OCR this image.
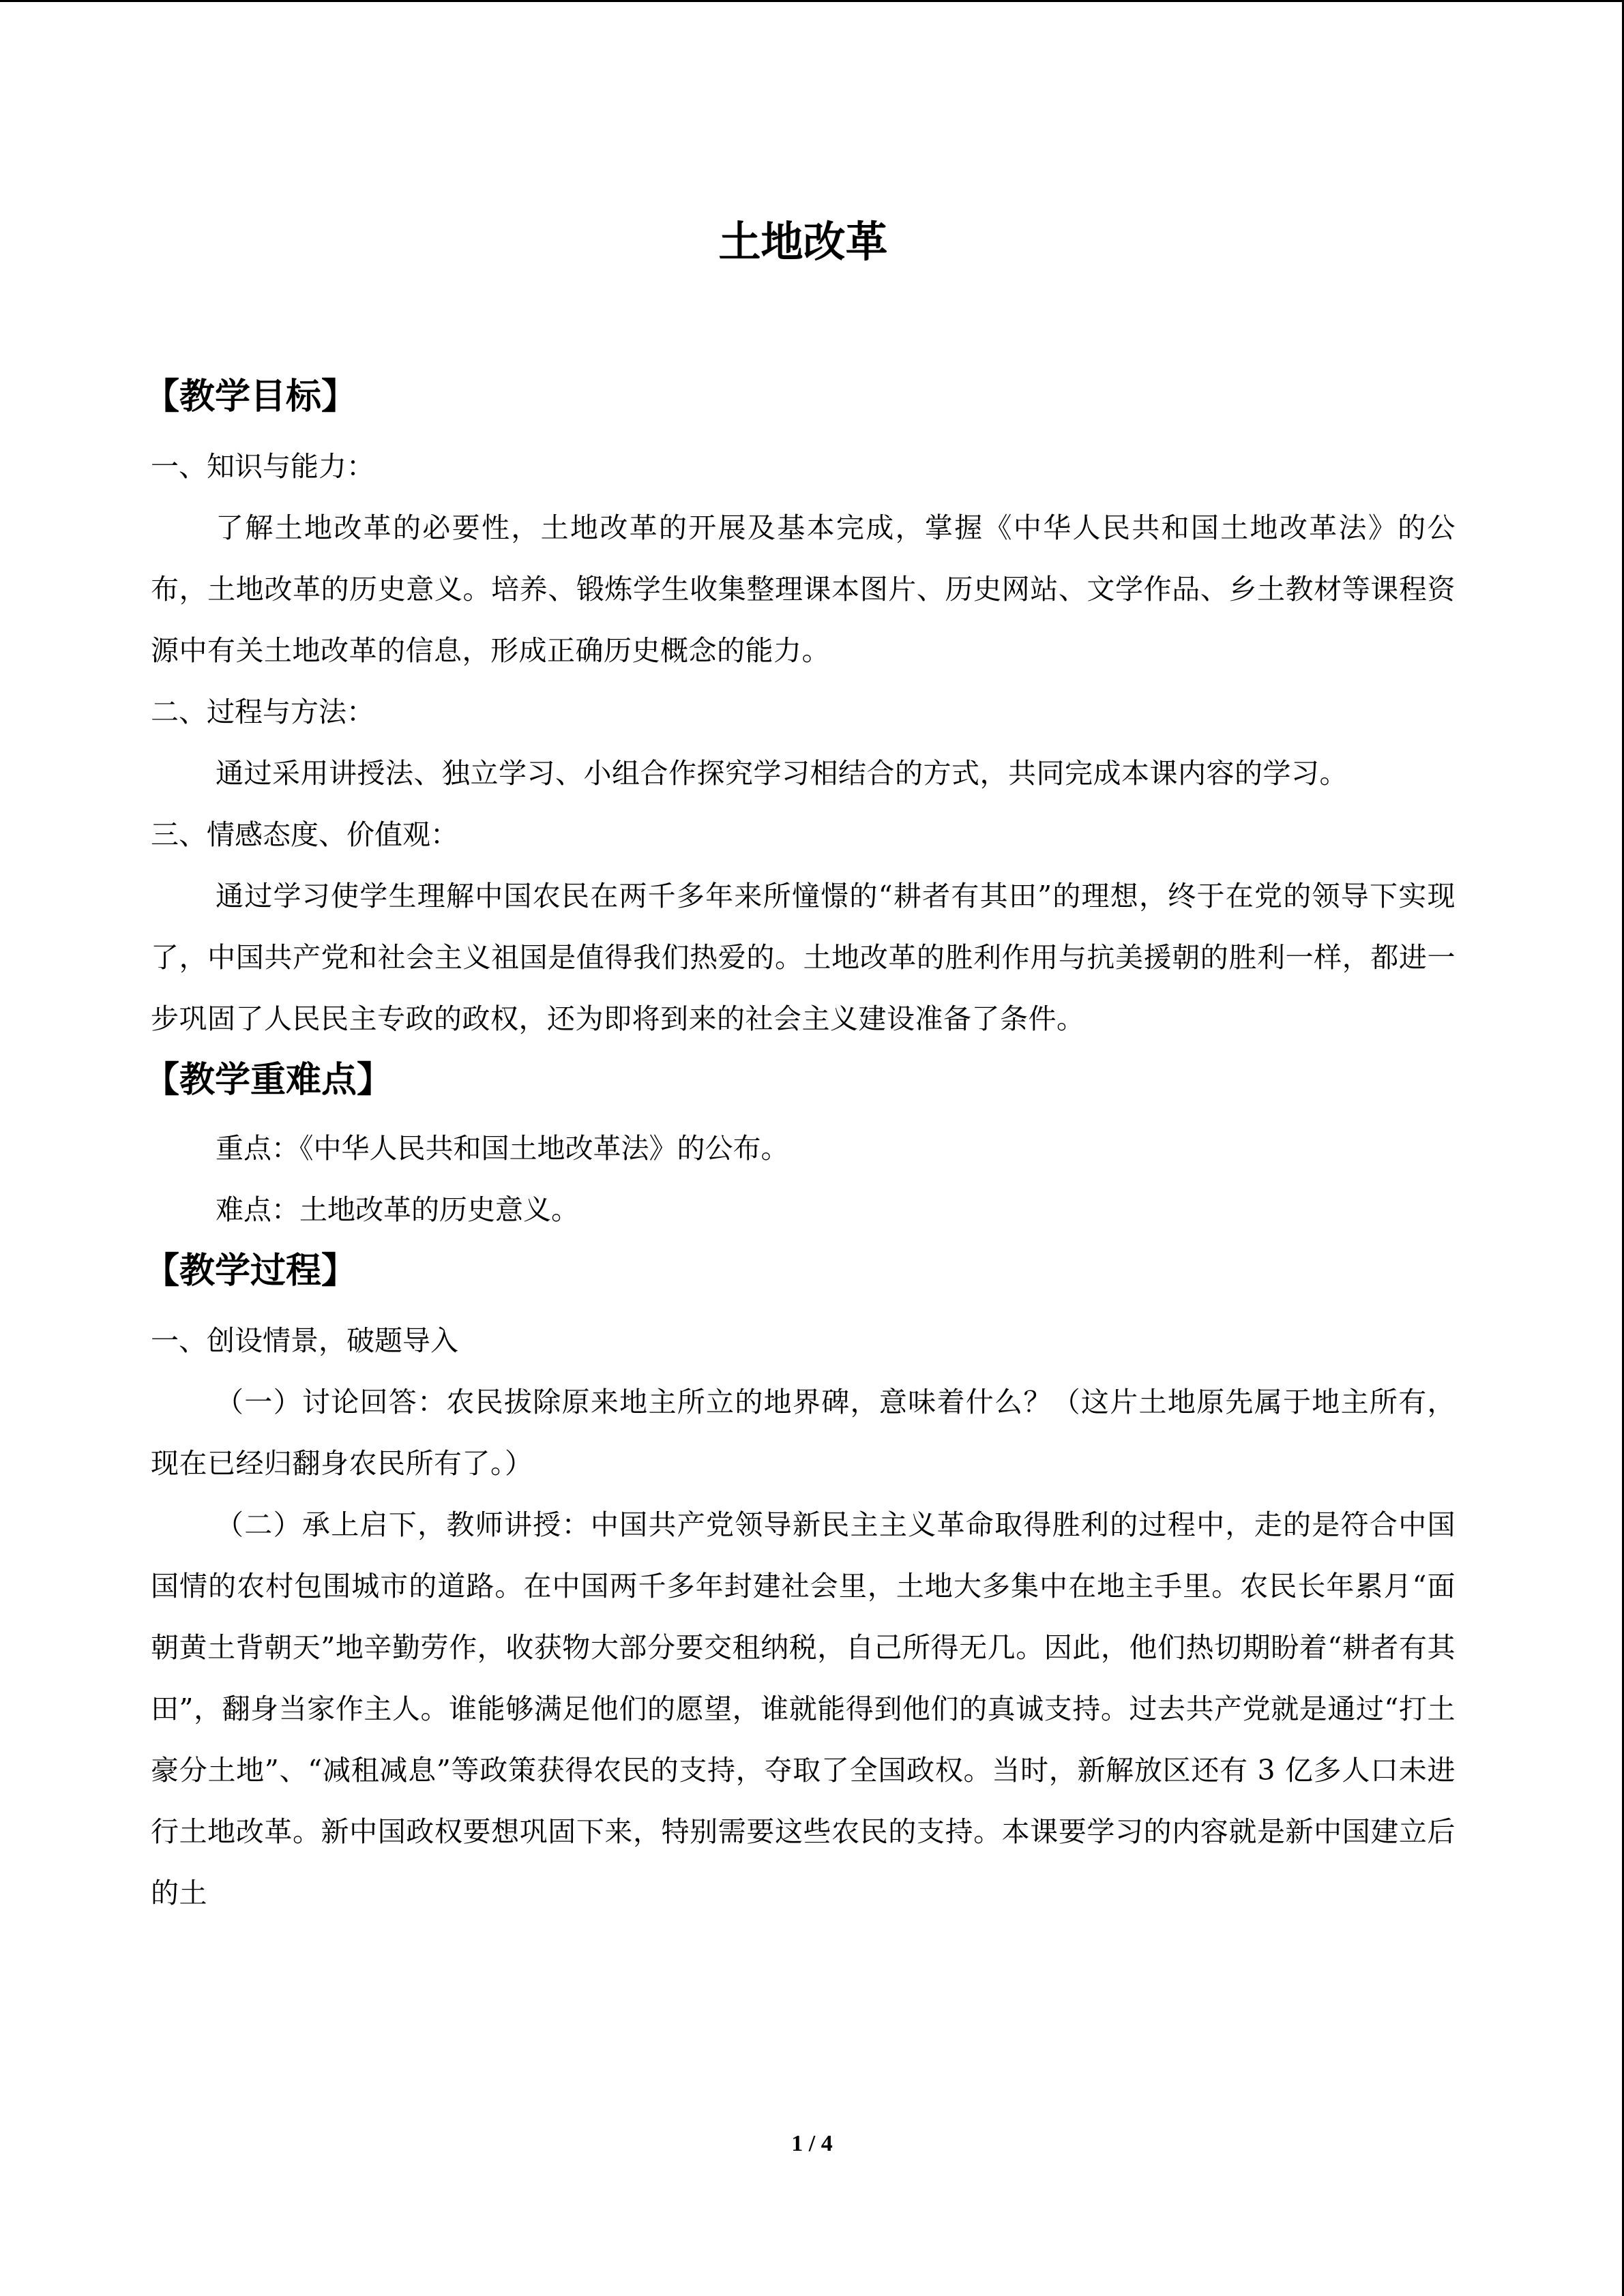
土地改革
【教学目标】

一、知识与能力：

了解土地改革的必要性，土地改革的开展及基本完成，掌握《中华人民共和国土地改革法》的公布，土地改革的历史意义。培养、锻炼学生收集整理课本图片、历史网站、文学作品、乡土教材等课程资源中有关土地改革的信息，形成正确历史概念的能力。

二、过程与方法：

通过采用讲授法、独立学习、小组合作探究学习相结合的方式，共同完成本课内容的学习。

三、情感态度、价值观：

通过学习使学生理解中国农民在两千多年来所憧憬的“耕者有其田”的理想，终于在党的领导下实现了，中国共产党和社会主义祖国是值得我们热爱的。土地改革的胜利作用与抗美援朝的胜利一样，都进一步巩固了人民民主专政的政权，还为即将到来的社会主义建设准备了条件。

【教学重难点】

重点：《中华人民共和国土地改革法》的公布。

难点：土地改革的历史意义。

【教学过程】

一、创设情景，破题导入

（一）讨论回答：农民拔除原来地主所立的地界碑，意味着什么？（这片土地原先属于地主所有，现在已经归翻身农民所有了。）

（二）承上启下，教师讲授：中国共产党领导新民主主义革命取得胜利的过程中，走的是符合中国国情的农村包围城市的道路。在中国两千多年封建社会里，土地大多集中在地主手里。农民长年累月“面朝黄土背朝天”地辛勤劳作，收获物大部分要交租纳税，自己所得无几。因此，他们热切期盼着“耕者有其田”，翻身当家作主人。谁能够满足他们的愿望，谁就能得到他们的真诚支持。过去共产党就是通过“打土豪分土地”、“减租减息”等政策获得农民的支持，夺取了全国政权。当时，新解放区还有 3 亿多人口未进行土地改革。新中国政权要想巩固下来，特别需要这些农民的支持。本课要学习的内容就是新中国建立后的土

1 / 4
